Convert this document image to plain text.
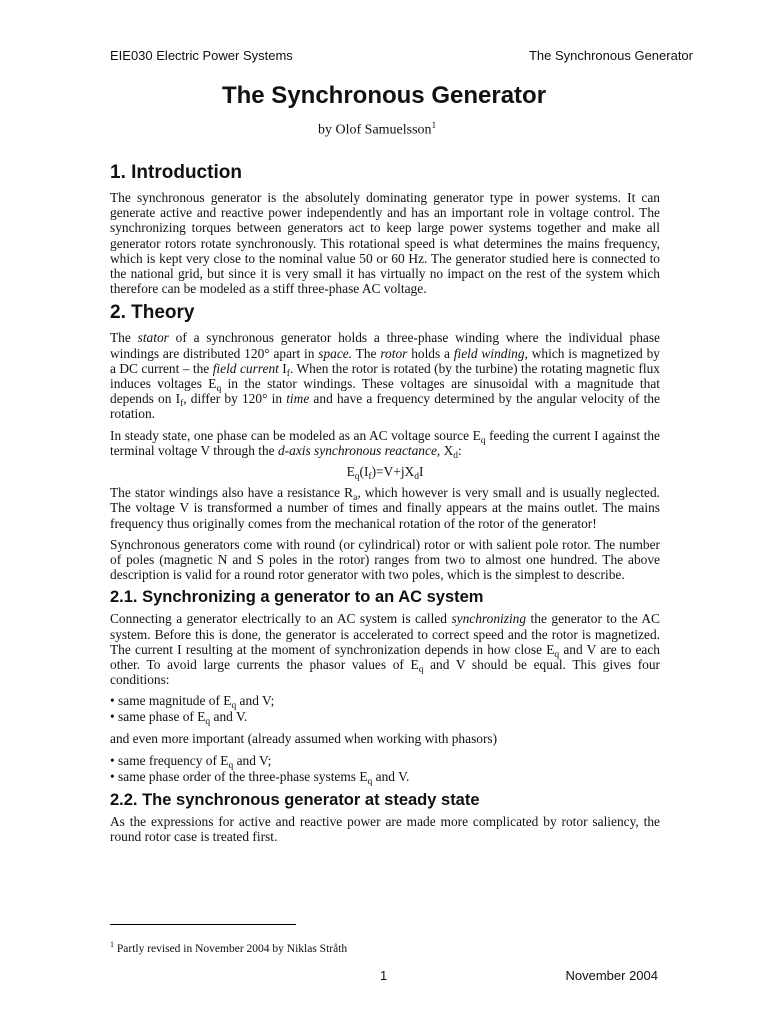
EIE030 Electric Power Systems	The Synchronous Generator
The Synchronous Generator
by Olof Samuelsson$^1$
1. Introduction

The synchronous generator is the absolutely dominating generator type in power systems. It can generate active and reactive power independently and has an important role in voltage control. The synchronizing torques between generators act to keep large power systems together and make all generator rotors rotate synchronously. This rotational speed is what determines the mains frequency, which is kept very close to the nominal value 50 or 60 Hz. The generator studied here is connected to the national grid, but since it is very small it has virtually no impact on the rest of the system which therefore can be modeled as a stiff three-phase AC voltage.

2. Theory

The stator of a synchronous generator holds a three-phase winding where the individual phase windings are distributed 120° apart in space. The rotor holds a field winding, which is magnetized by a DC current – the field current $I_f$. When the rotor is rotated (by the turbine) the rotating magnetic flux induces voltages $E_q$ in the stator windings. These voltages are sinusoidal with a magnitude that depends on $I_f$, differ by 120° in time and have a frequency determined by the angular velocity of the rotation.

In steady state, one phase can be modeled as an AC voltage source $E_q$ feeding the current I against the terminal voltage V through the d-axis synchronous reactance, $X_d$:

$E_q(I_f)=V+jX_dI$

The stator windings also have a resistance $R_a$, which however is very small and is usually neglected. The voltage V is transformed a number of times and finally appears at the mains outlet. The mains frequency thus originally comes from the mechanical rotation of the rotor of the generator!

Synchronous generators come with round (or cylindrical) rotor or with salient pole rotor. The number of poles (magnetic N and S poles in the rotor) ranges from two to almost one hundred. The above description is valid for a round rotor generator with two poles, which is the simplest to describe.

2.1. Synchronizing a generator to an AC system

Connecting a generator electrically to an AC system is called synchronizing the generator to the AC system. Before this is done, the generator is accelerated to correct speed and the rotor is magnetized. The current I resulting at the moment of synchronization depends in how close $E_q$ and V are to each other. To avoid large currents the phasor values of $E_q$ and V should be equal. This gives four conditions:

• same magnitude of $E_q$ and V;
• same phase of $E_q$ and V.

and even more important (already assumed when working with phasors)

• same frequency of $E_q$ and V;
• same phase order of the three-phase systems $E_q$ and V.
2.2. The synchronous generator at steady state

As the expressions for active and reactive power are made more complicated by rotor saliency, the round rotor case is treated first.

$^1$ Partly revised in November 2004 by Niklas Stråth
1	November 2004
